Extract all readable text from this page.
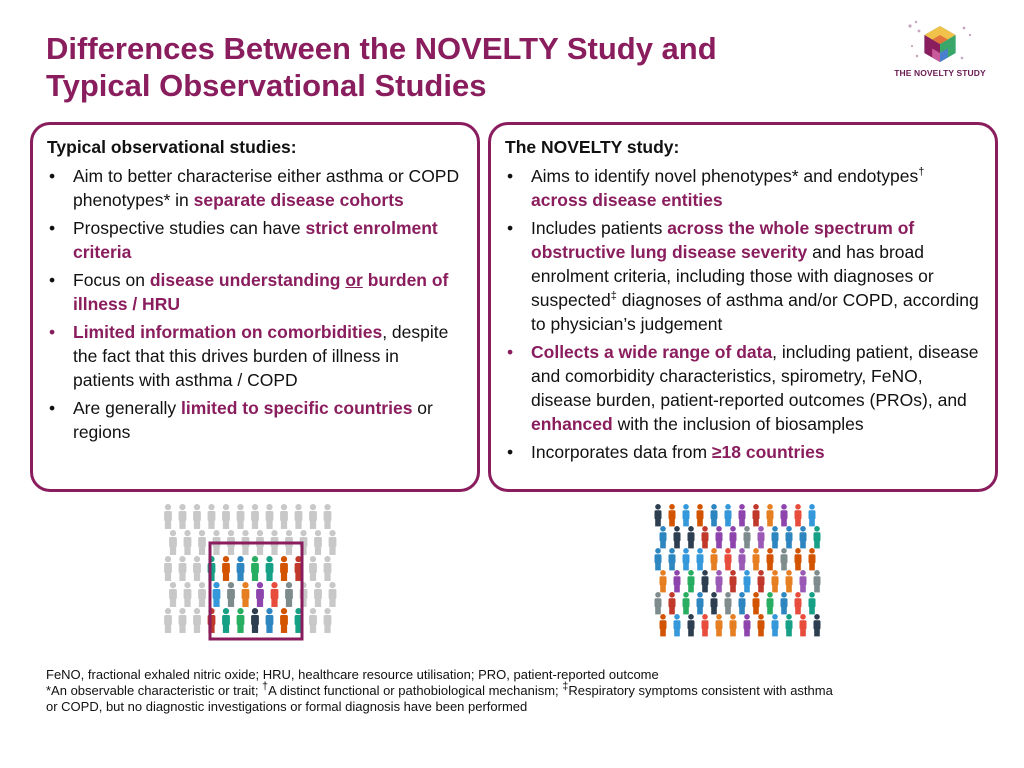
Differences Between the NOVELTY Study and
Typical Observational Studies	THE NOVELTY STUDY
Typical observational studies:
• Aim to better characterise either asthma or COPD phenotypes* in separate disease cohorts
• Prospective studies can have strict enrolment criteria
• Focus on disease understanding or burden of illness / HRU
• Limited information on comorbidities, despite the fact that this drives burden of illness in patients with asthma / COPD
• Are generally limited to specific countries or regions
The NOVELTY study:
• Aims to identify novel phenotypes* and endotypes† across disease entities
• Includes patients across the whole spectrum of obstructive lung disease severity and has broad enrolment criteria, including those with diagnoses or suspected‡ diagnoses of asthma and/or COPD, according to physician’s judgement
• Collects a wide range of data, including patient, disease and comorbidity characteristics, spirometry, FeNO, disease burden, patient-reported outcomes (PROs), and enhanced with the inclusion of biosamples
• Incorporates data from ≥18 countries
FeNO, fractional exhaled nitric oxide; HRU, healthcare resource utilisation; PRO, patient-reported outcome
*An observable characteristic or trait; †A distinct functional or pathobiological mechanism; ‡Respiratory symptoms consistent with asthma
or COPD, but no diagnostic investigations or formal diagnosis have been performed
